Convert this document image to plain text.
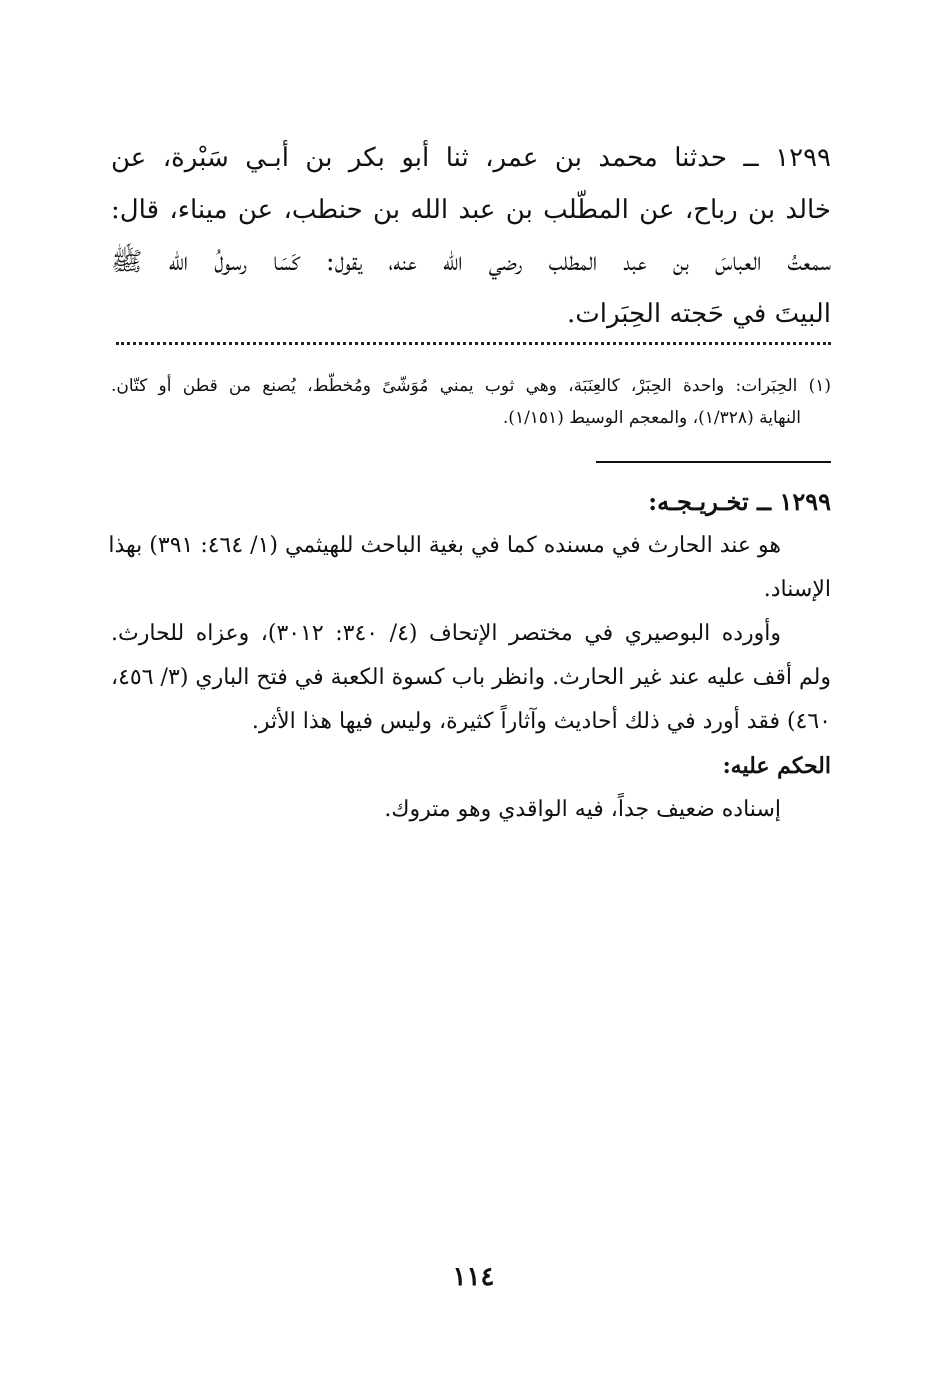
١٢٩٩ ــ حدثنا محمد بن عمر، ثنا أبو بكر بن أبـي سَبْرة، عن
خالد بن رباح، عن المطّلب بن عبد الله بن حنطب، عن ميناء، قال:
سمعتُ العباسَ بن عبد المطلب رضي الله عنه، يقول: كَسَا رسولُ الله ﷺ
البيتَ في حَجته الحِبَرات.
(١) الحِبَرات: واحدة الحِبَرْ، كالعِنَبَة، وهي ثوب يمني مُوَشّىً ومُخطّط، يُصنع من قطن أو كتّان.
النهاية (١/٣٢٨)، والمعجم الوسيط (١/١٥١).
١٢٩٩ ــ تخـريـجـه:
هو عند الحارث في مسنده كما في بغية الباحث للهيثمي (١/ ٤٦٤: ٣٩١) بهذا
الإسناد.
وأورده البوصيري في مختصر الإتحاف (٤/ ٣٤٠: ٣٠١٢)، وعزاه للحارث.
ولم أقف عليه عند غير الحارث. وانظر باب كسوة الكعبة في فتح الباري (٣/ ٤٥٦،
٤٦٠) فقد أورد في ذلك أحاديث وآثاراً كثيرة، وليس فيها هذا الأثر.
الحكم عليه:
إسناده ضعيف جداً، فيه الواقدي وهو متروك.
١١٤
